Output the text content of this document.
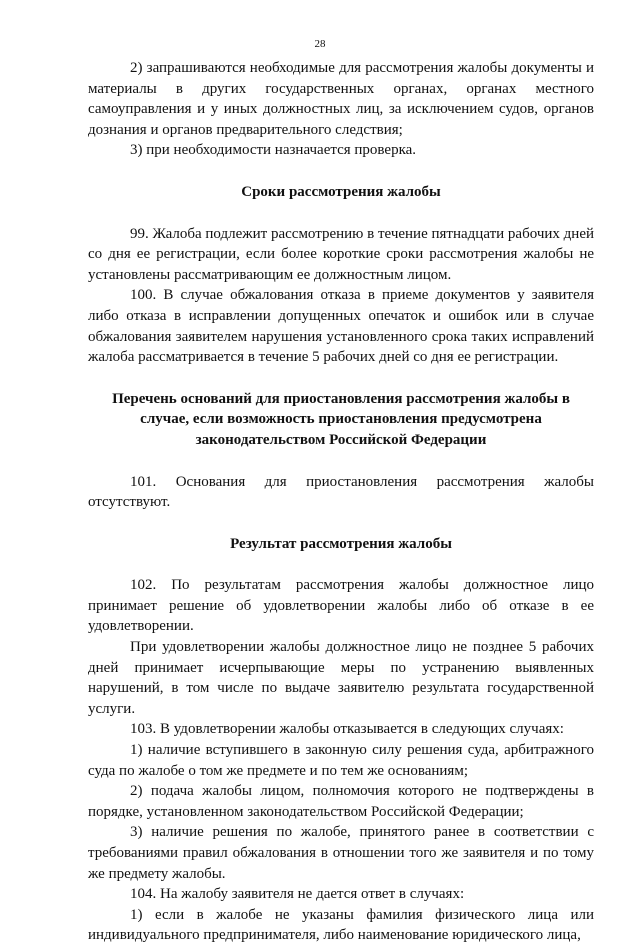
28

2) запрашиваются необходимые для рассмотрения жалобы документы и материалы в других государственных органах, органах местного самоуправления и у иных должностных лиц, за исключением судов, органов дознания и органов предварительного следствия;

3) при необходимости назначается проверка.

Сроки рассмотрения жалобы

99. Жалоба подлежит рассмотрению в течение пятнадцати рабочих дней со дня ее регистрации, если более короткие сроки рассмотрения жалобы не установлены рассматривающим ее должностным лицом.

100. В случае обжалования отказа в приеме документов у заявителя либо отказа в исправлении допущенных опечаток и ошибок или в случае обжалования заявителем нарушения установленного срока таких исправлений жалоба рассматривается в течение 5 рабочих дней со дня ее регистрации.

Перечень оснований для приостановления рассмотрения жалобы в случае, если возможность приостановления предусмотрена законодательством Российской Федерации

101. Основания для приостановления рассмотрения жалобы отсутствуют.

Результат рассмотрения жалобы

102. По результатам рассмотрения жалобы должностное лицо принимает решение об удовлетворении жалобы либо об отказе в ее удовлетворении.

При удовлетворении жалобы должностное лицо не позднее 5 рабочих дней принимает исчерпывающие меры по устранению выявленных нарушений, в том числе по выдаче заявителю результата государственной услуги.

103. В удовлетворении жалобы отказывается в следующих случаях:

1) наличие вступившего в законную силу решения суда, арбитражного суда по жалобе о том же предмете и по тем же основаниям;

2) подача жалобы лицом, полномочия которого не подтверждены в порядке, установленном законодательством Российской Федерации;

3) наличие решения по жалобе, принятого ранее в соответствии с требованиями правил обжалования в отношении того же заявителя и по тому же предмету жалобы.

104. На жалобу заявителя не дается ответ в случаях:

1) если в жалобе не указаны фамилия физического лица или индивидуального предпринимателя, либо наименование юридического лица,
